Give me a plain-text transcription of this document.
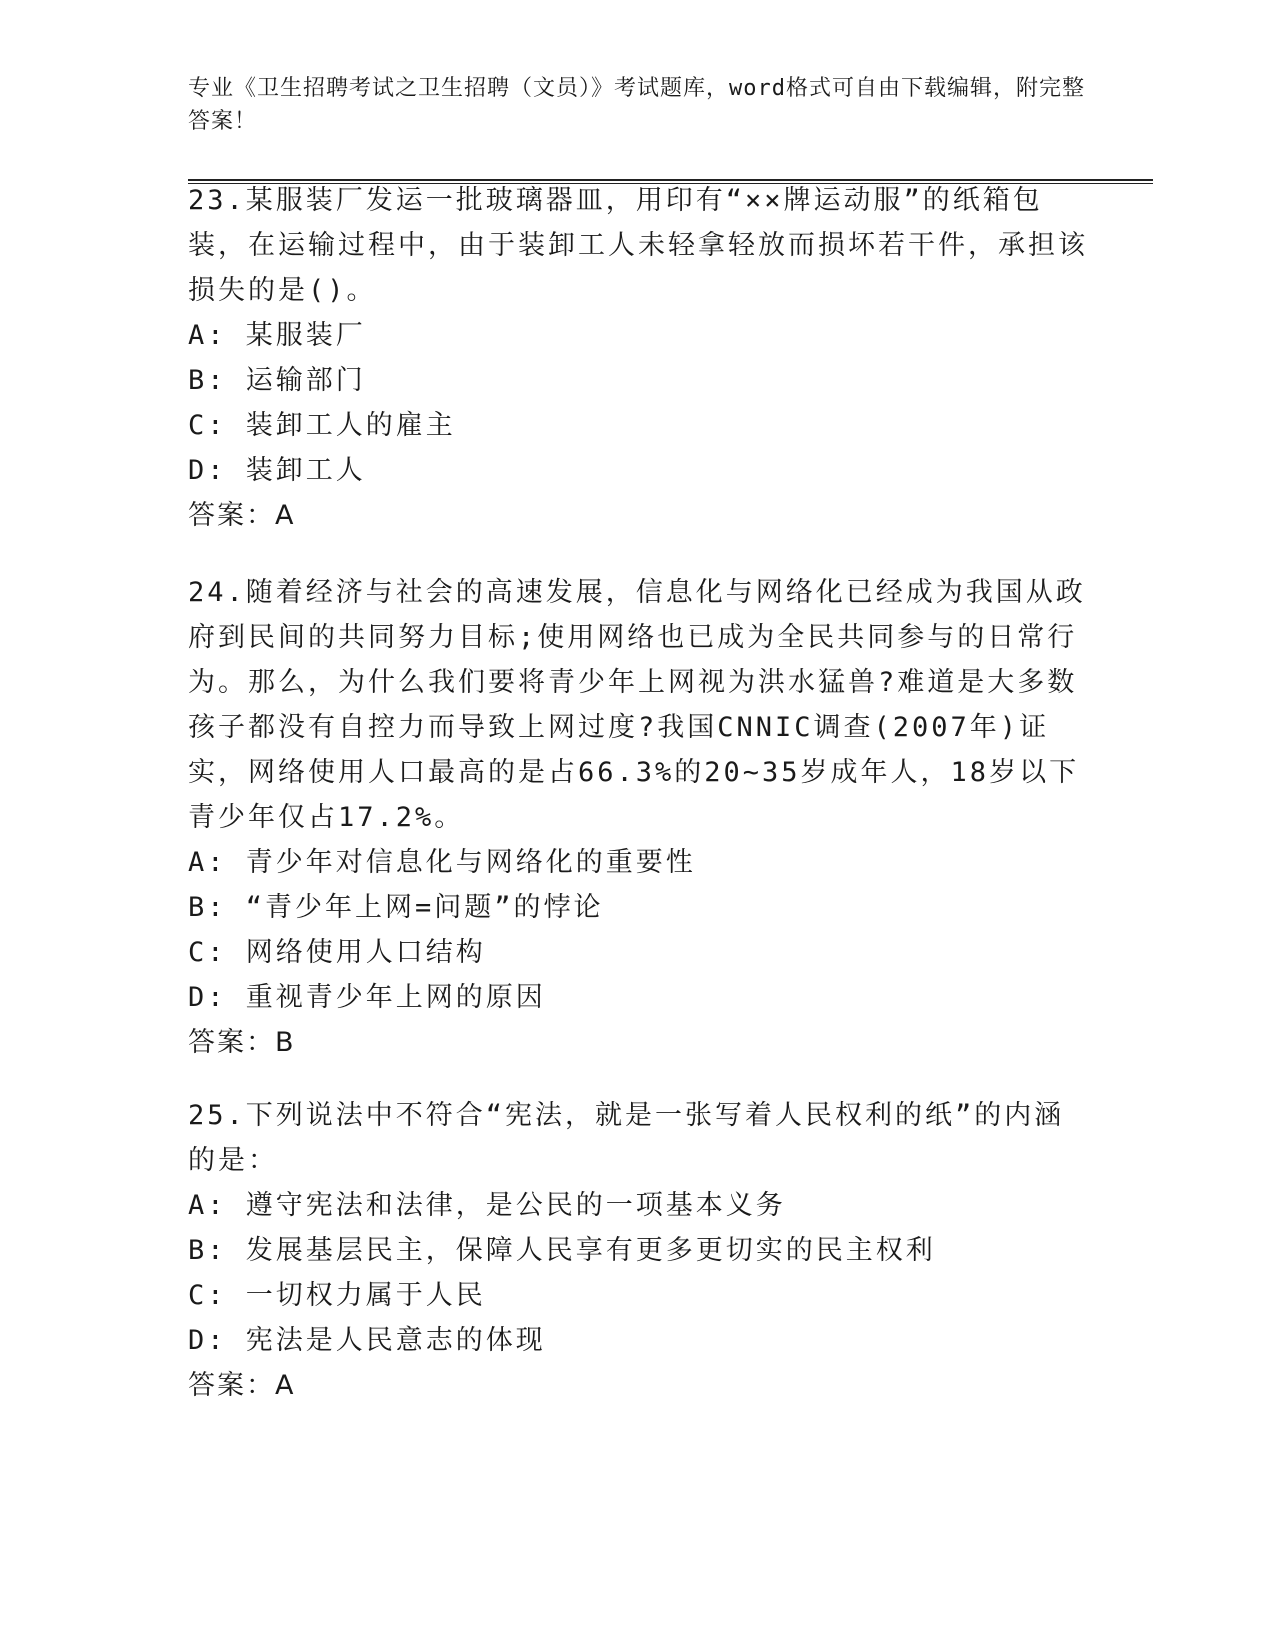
专业《卫生招聘考试之卫生招聘（文员）》考试题库，word格式可自由下载编辑，附完整答案！

23.某服装厂发运一批玻璃器皿，用印有“××牌运动服”的纸箱包装，在运输过程中，由于装卸工人未轻拿轻放而损坏若干件，承担该损失的是()。

A: 某服装厂

B: 运输部门

C: 装卸工人的雇主

D: 装卸工人

答案：A

24.随着经济与社会的高速发展，信息化与网络化已经成为我国从政府到民间的共同努力目标;使用网络也已成为全民共同参与的日常行为。那么，为什么我们要将青少年上网视为洪水猛兽?难道是大多数孩子都没有自控力而导致上网过度?我国CNNIC调查(2007年)证实，网络使用人口最高的是占66.3%的20~35岁成年人，18岁以下青少年仅占17.2%。

A: 青少年对信息化与网络化的重要性

B: “青少年上网=问题”的悖论

C: 网络使用人口结构

D: 重视青少年上网的原因

答案：B

25.下列说法中不符合“宪法，就是一张写着人民权利的纸”的内涵的是：

A: 遵守宪法和法律，是公民的一项基本义务

B: 发展基层民主，保障人民享有更多更切实的民主权利

C: 一切权力属于人民

D: 宪法是人民意志的体现

答案：A
